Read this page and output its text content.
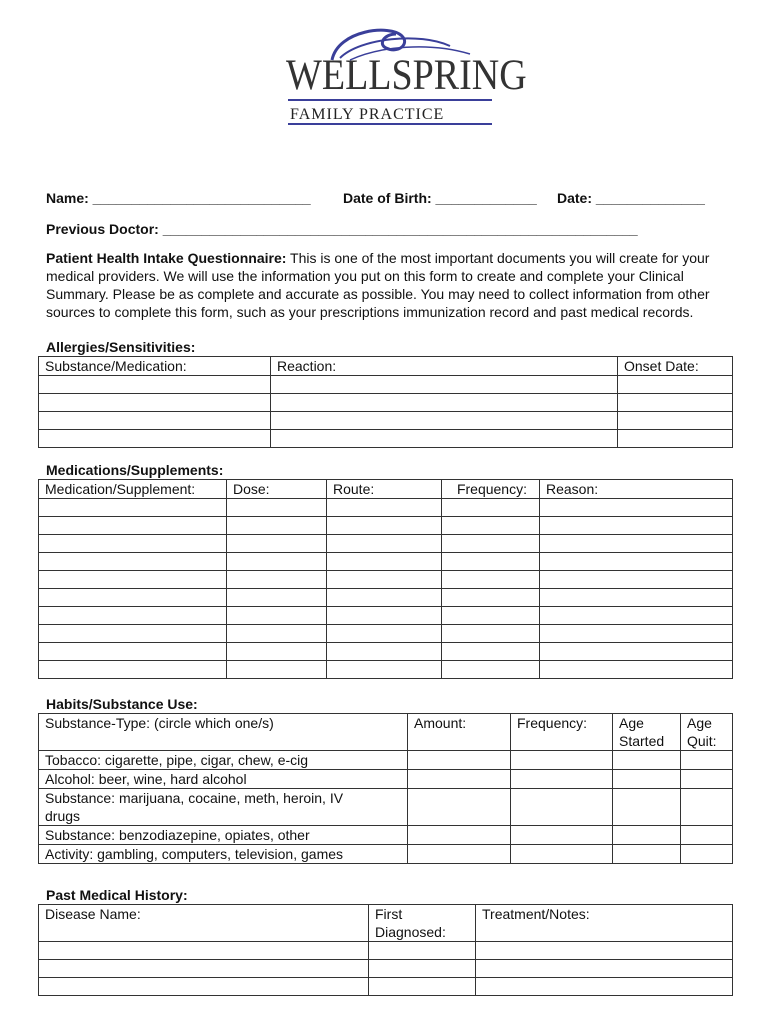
WELLSPRING
FAMILY PRACTICE
Name: ____________________________ Date of Birth: _____________ Date: ______________
Previous Doctor: _____________________________________________________________
Patient Health Intake Questionnaire: This is one of the most important documents you will create for your medical providers. We will use the information you put on this form to create and complete your Clinical Summary. Please be as complete and accurate as possible. You may need to collect information from other sources to complete this form, such as your prescriptions immunization record and past medical records.
Allergies/Sensitivities:
Substance/Medication:	Reaction:	Onset Date:

Medications/Supplements:
Medication/Supplement:	Dose:	Route:	Frequency:	Reason:

Habits/Substance Use:
Substance-Type: (circle which one/s)	Amount:	Frequency:	Age Started	Age Quit:
Tobacco: cigarette, pipe, cigar, chew, e-cig				
Alcohol: beer, wine, hard alcohol				
Substance: marijuana, cocaine, meth, heroin, IV drugs				
Substance: benzodiazepine, opiates, other				
Activity: gambling, computers, television, games				
Past Medical History:
Disease Name:	First Diagnosed:	Treatment/Notes:
